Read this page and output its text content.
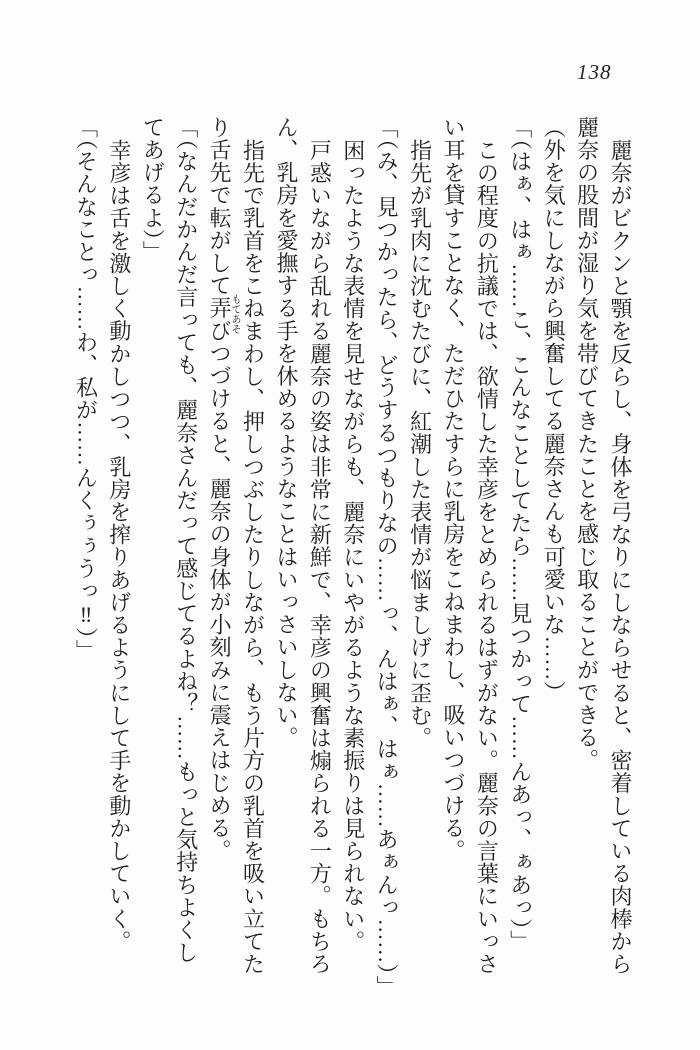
138
麗奈がビクンと顎を反らし、身体を弓なりにしならせると、密着している肉棒から
麗奈の股間が湿り気を帯びてきたことを感じ取ることができる。
（外を気にしながら興奮してる麗奈さんも可愛いな……）
「（はぁ、はぁ……こ、こんなことしてたら……見つかって……んあっ、ぁあっ）」
この程度の抗議では、欲情した幸彦をとめられるはずがない。麗奈の言葉にいっさ
い耳を貸すことなく、ただひたすらに乳房をこねまわし、吸いつづける。
指先が乳肉に沈むたびに、紅潮した表情が悩ましげに歪む。
「（み、見つかったら、どうするつもりなの……っ、んはぁ、はぁ……あぁんっ……）」
困ったような表情を見せながらも、麗奈にいやがるような素振りは見られない。
戸惑いながら乱れる麗奈の姿は非常に新鮮で、幸彦の興奮は煽られる一方。もちろ
ん、乳房を愛撫する手を休めるようなことはいっさいしない。
指先で乳首をこねまわし、押しつぶしたりしながら、もう片方の乳首を吸い立てた
り舌先で転がして弄びつづけると、麗奈の身体が小刻みに震えはじめる。
「（なんだかんだ言っても、麗奈さんだって感じてるよね？……もっと気持ちよくし
てあげるよ）」
幸彦は舌を激しく動かしつつ、乳房を搾りあげるようにして手を動かしていく。
「（そんなことっ……わ、私が……んくぅぅうっ‼）」	もてあそ
